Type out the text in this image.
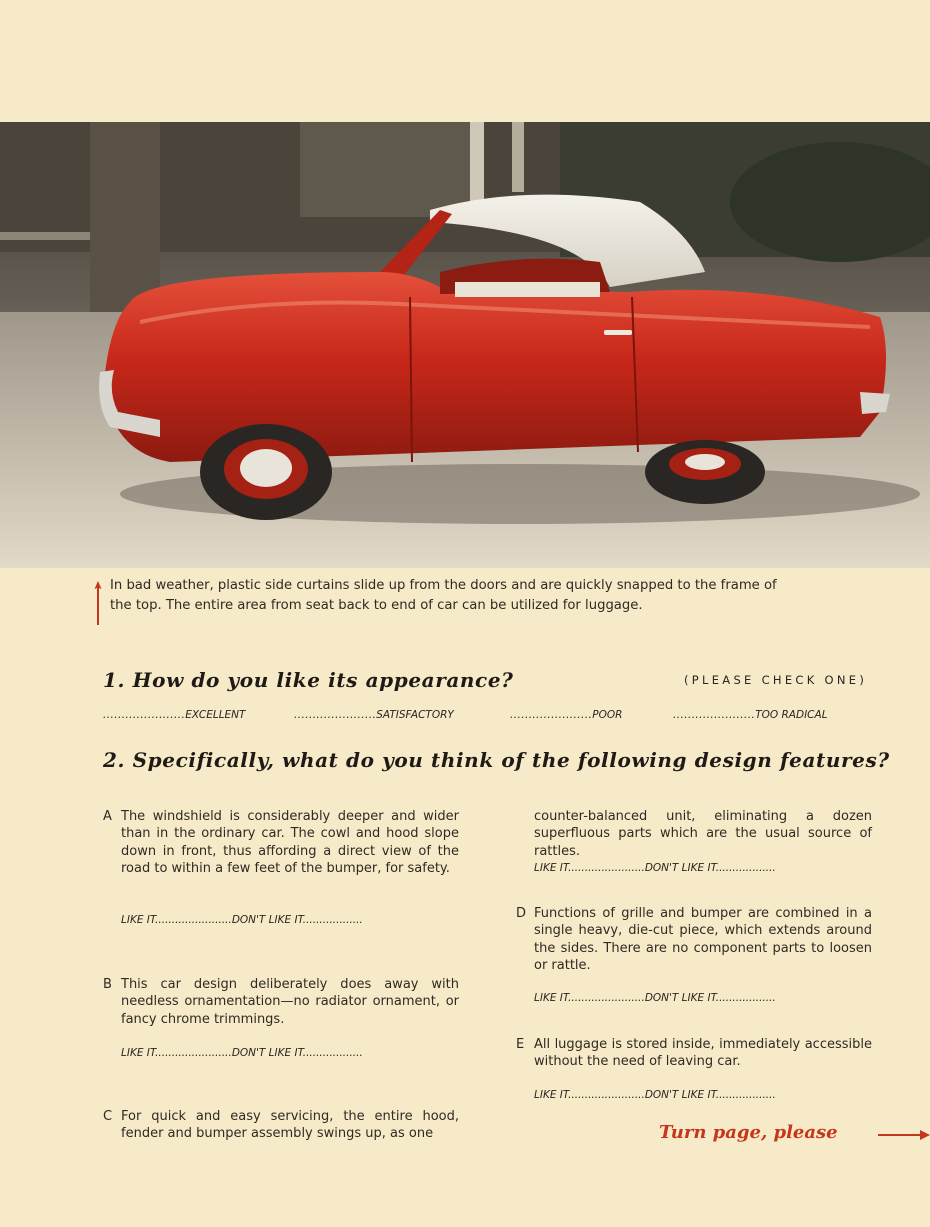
In bad weather, plastic side curtains slide up from the doors and are quickly snapped to the frame of the top. The entire area from seat back to end of car can be utilized for luggage.
1. How do you like its appearance?	(PLEASE CHECK ONE)
......................EXCELLENT	......................SATISFACTORY	......................POOR	......................TOO RADICAL
2. Specifically, what do you think of the following design features?
A The windshield is considerably deeper and wider than in the ordinary car. The cowl and hood slope down in front, thus affording a direct view of the road to within a few feet of the bumper, for safety.
LIKE IT.......................DON'T LIKE IT..................
B This car design deliberately does away with needless ornamentation—no radiator ornament, or fancy chrome trimmings.
LIKE IT.......................DON'T LIKE IT..................
C For quick and easy servicing, the entire hood, fender and bumper assembly swings up, as one
counter-balanced unit, eliminating a dozen superfluous parts which are the usual source of rattles.
LIKE IT.......................DON'T LIKE IT..................
D Functions of grille and bumper are combined in a single heavy, die-cut piece, which extends around the sides. There are no component parts to loosen or rattle.
LIKE IT.......................DON'T LIKE IT..................
E All luggage is stored inside, immediately accessible without the need of leaving car.
LIKE IT.......................DON'T LIKE IT..................
Turn page, please
